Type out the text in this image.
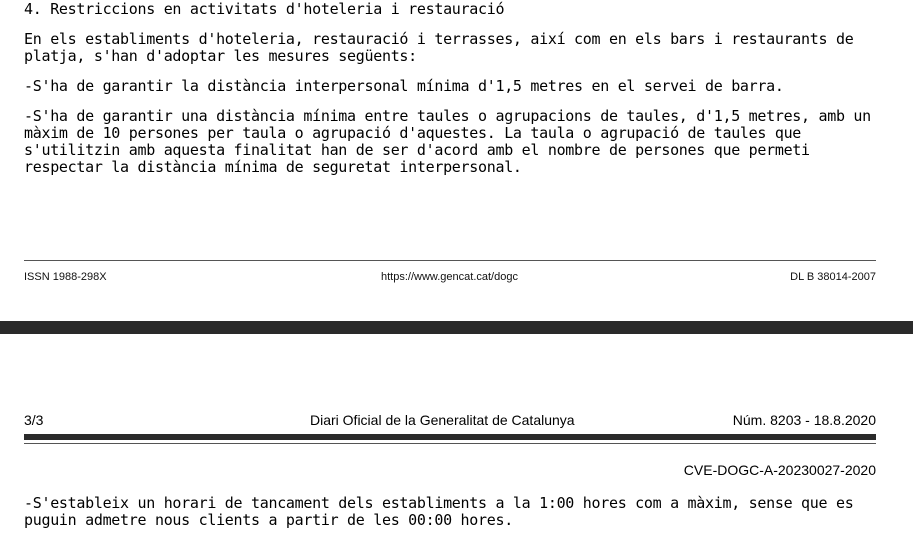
4. Restriccions en activitats d'hoteleria i restauració
En els establiments d'hoteleria, restauració i terrasses, així com en els bars i restaurants de platja, s'han d'adoptar les mesures següents:
-S'ha de garantir la distància interpersonal mínima d'1,5 metres en el servei de barra.
-S'ha de garantir una distància mínima entre taules o agrupacions de taules, d'1,5 metres, amb un màxim de 10 persones per taula o agrupació d'aquestes. La taula o agrupació de taules que s'utilitzin amb aquesta finalitat han de ser d'acord amb el nombre de persones que permeti respectar la distància mínima de seguretat interpersonal.
ISSN 1988-298X	https://www.gencat.cat/dogc	DL B 38014-2007
3/3	Diari Oficial de la Generalitat de Catalunya	Núm. 8203 - 18.8.2020
CVE-DOGC-A-20230027-2020
-S'estableix un horari de tancament dels establiments a la 1:00 hores com a màxim, sense que es puguin admetre nous clients a partir de les 00:00 hores.
